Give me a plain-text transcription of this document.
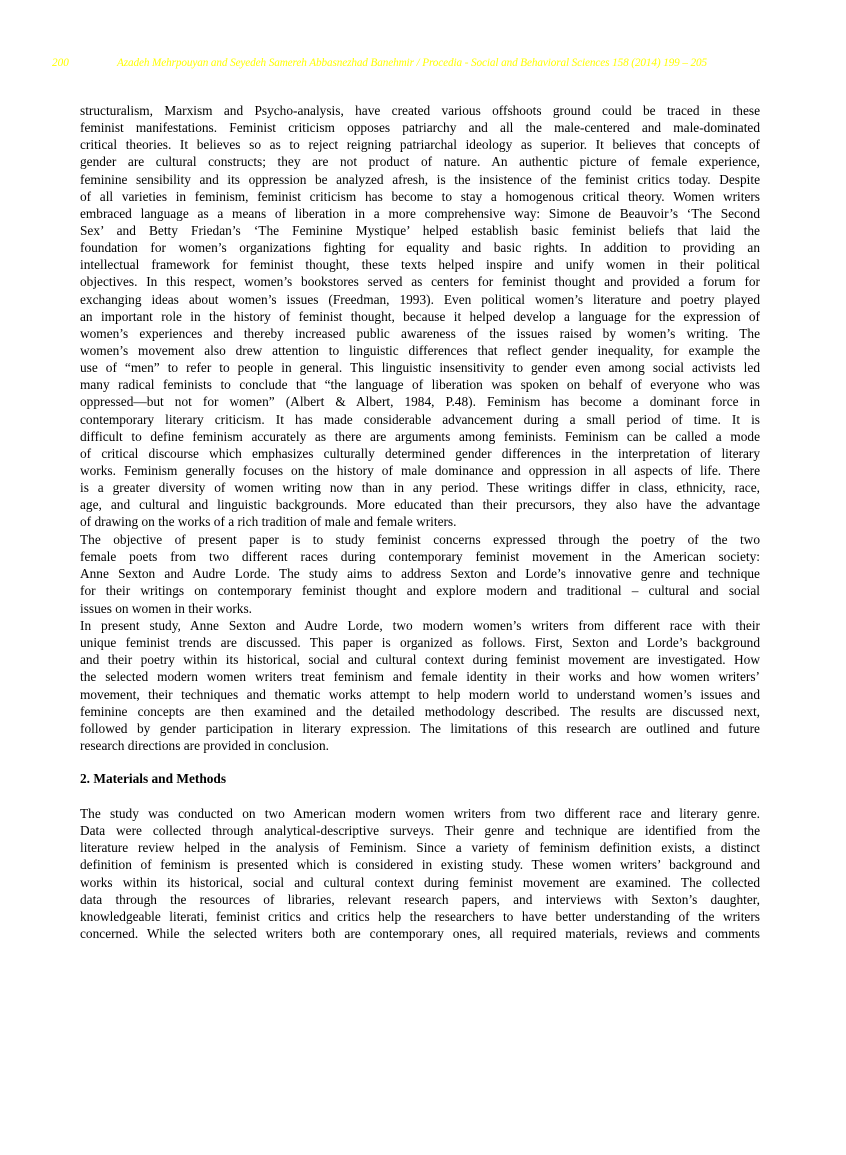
200	Azadeh Mehrpouyan and Seyedeh Samereh Abbasnezhad Banehmir / Procedia - Social and Behavioral Sciences 158 (2014) 199 – 205
structuralism, Marxism and Psycho-analysis, have created various offshoots ground could be traced in these
feminist manifestations. Feminist criticism opposes patriarchy and all the male-centered and male-dominated
critical theories. It believes so as to reject reigning patriarchal ideology as superior. It believes that concepts of
gender are cultural constructs; they are not product of nature. An authentic picture of female experience,
feminine sensibility and its oppression be analyzed afresh, is the insistence of the feminist critics today. Despite
of all varieties in feminism, feminist criticism has become to stay a homogenous critical theory. Women writers
embraced language as a means of liberation in a more comprehensive way: Simone de Beauvoir’s ‘The Second
Sex’ and Betty Friedan’s ‘The Feminine Mystique’ helped establish basic feminist beliefs that laid the
foundation for women’s organizations fighting for equality and basic rights. In addition to providing an
intellectual framework for feminist thought, these texts helped inspire and unify women in their political
objectives. In this respect, women’s bookstores served as centers for feminist thought and provided a forum for
exchanging ideas about women’s issues (Freedman, 1993). Even political women’s literature and poetry played
an important role in the history of feminist thought, because it helped develop a language for the expression of
women’s experiences and thereby increased public awareness of the issues raised by women’s writing. The
women’s movement also drew attention to linguistic differences that reflect gender inequality, for example the
use of “men” to refer to people in general. This linguistic insensitivity to gender even among social activists led
many radical feminists to conclude that “the language of liberation was spoken on behalf of everyone who was
oppressed—but not for women” (Albert & Albert, 1984, P.48). Feminism has become a dominant force in
contemporary literary criticism. It has made considerable advancement during a small period of time. It is
difficult to define feminism accurately as there are arguments among feminists. Feminism can be called a mode
of critical discourse which emphasizes culturally determined gender differences in the interpretation of literary
works. Feminism generally focuses on the history of male dominance and oppression in all aspects of life. There
is a greater diversity of women writing now than in any period. These writings differ in class, ethnicity, race,
age, and cultural and linguistic backgrounds. More educated than their precursors, they also have the advantage
of drawing on the works of a rich tradition of male and female writers.
The objective of present paper is to study feminist concerns expressed through the poetry of the two
female poets from two different races during contemporary feminist movement in the American society:
Anne Sexton and Audre Lorde. The study aims to address Sexton and Lorde’s innovative genre and technique
for their writings on contemporary feminist thought and explore modern and traditional – cultural and social
issues on women in their works.
In present study, Anne Sexton and Audre Lorde, two modern women’s writers from different race with their
unique feminist trends are discussed. This paper is organized as follows. First, Sexton and Lorde’s background
and their poetry within its historical, social and cultural context during feminist movement are investigated. How
the selected modern women writers treat feminism and female identity in their works and how women writers’
movement, their techniques and thematic works attempt to help modern world to understand women’s issues and
feminine concepts are then examined and the detailed methodology described. The results are discussed next,
followed by gender participation in literary expression. The limitations of this research are outlined and future
research directions are provided in conclusion.
2. Materials and Methods
The study was conducted on two American modern women writers from two different race and literary genre.
Data were collected through analytical-descriptive surveys. Their genre and technique are identified from the
literature review helped in the analysis of Feminism. Since a variety of feminism definition exists, a distinct
definition of feminism is presented which is considered in existing study. These women writers’ background and
works within its historical, social and cultural context during feminist movement are examined. The collected
data through the resources of libraries, relevant research papers, and interviews with Sexton’s daughter,
knowledgeable literati, feminist critics and critics help the researchers to have better understanding of the writers
concerned. While the selected writers both are contemporary ones, all required materials, reviews and comments
